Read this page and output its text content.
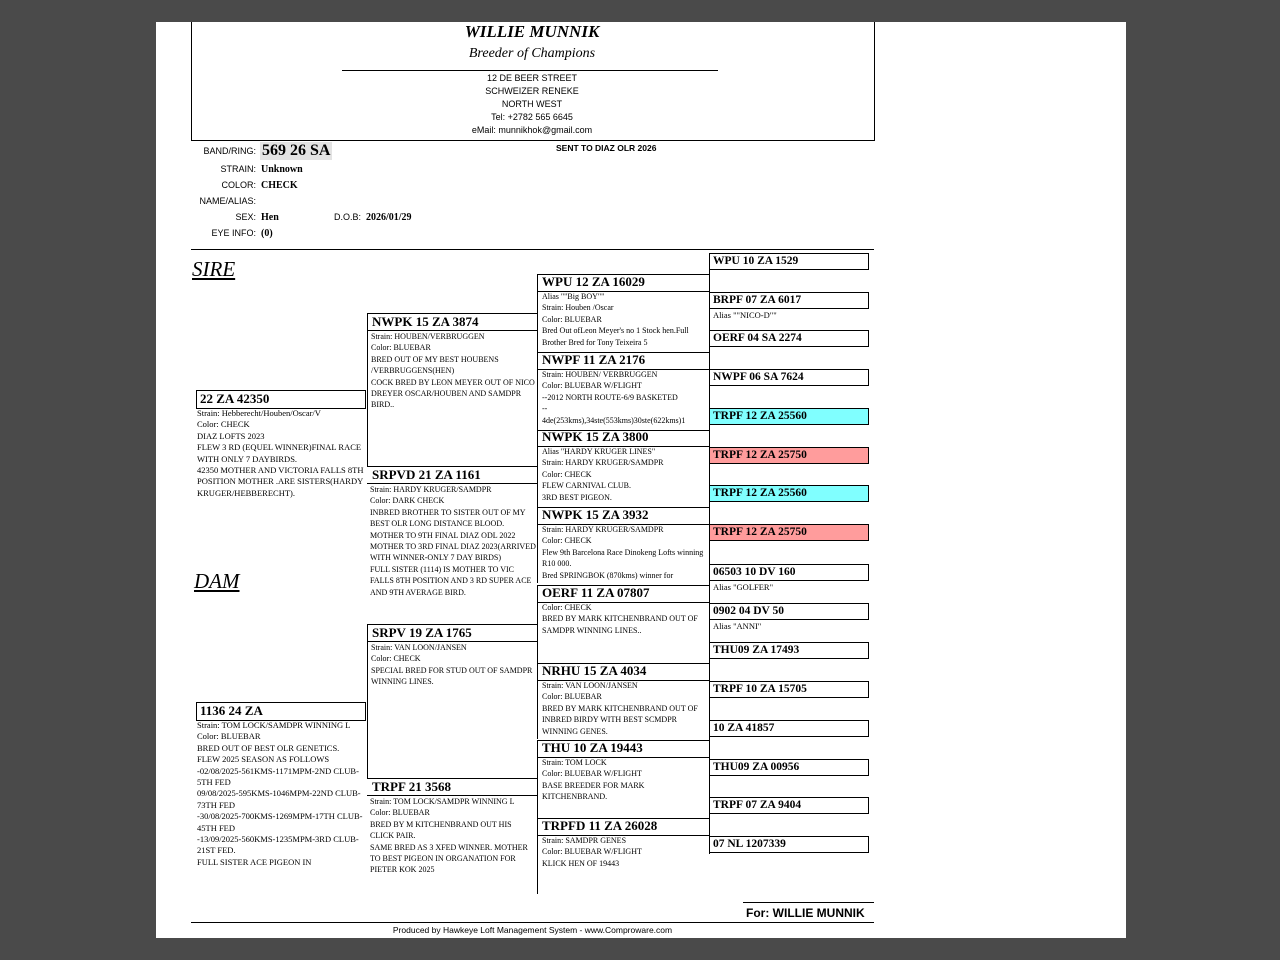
WILLIE MUNNIK
Breeder of Champions
12 DE BEER STREET
SCHWEIZER RENEKE
NORTH WEST
Tel: +2782 565 6645
eMail: munnikhok@gmail.com
BAND/RING: 569 26 SA	SENT TO DIAZ OLR 2026
STRAIN: Unknown
COLOR: CHECK
NAME/ALIAS:
SEX: Hen	D.O.B: 2026/01/29
EYE INFO: (0)
SIRE
DAM
22 ZA 42350
Strain: Hebberecht/Houben/Oscar/V
Color: CHECK
DIAZ LOFTS 2023
FLEW 3 RD (EQUEL WINNER)FINAL RACE WITH ONLY 7 DAYBIRDS.
42350 MOTHER AND VICTORIA FALLS 8TH POSITION MOTHER .ARE SISTERS(HARDY KRUGER/HEBBERECHT).
1136 24 ZA
Strain: TOM LOCK/SAMDPR WINNING L
Color: BLUEBAR
BRED OUT OF BEST OLR GENETICS.
FLEW 2025 SEASON AS FOLLOWS
-02/08/2025-561KMS-1171MPM-2ND CLUB-5TH FED
09/08/2025-595KMS-1046MPM-22ND CLUB-73TH FED
-30/08/2025-700KMS-1269MPM-17TH CLUB-45TH FED
-13/09/2025-560KMS-1235MPM-3RD CLUB-21ST FED.
FULL SISTER ACE PIGEON IN
NWPK 15 ZA 3874
Strain: HOUBEN/VERBRUGGEN
Color: BLUEBAR
BRED OUT OF MY BEST HOUBENS /VERBRUGGENS(HEN)
COCK BRED BY LEON MEYER OUT OF NICO DREYER OSCAR/HOUBEN AND SAMDPR BIRD..
SRPVD 21 ZA 1161
Strain: HARDY KRUGER/SAMDPR
Color: DARK CHECK
INBRED BROTHER TO SISTER OUT OF MY BEST OLR LONG DISTANCE BLOOD.
MOTHER TO 9TH FINAL DIAZ ODL 2022
MOTHER TO 3RD FINAL DIAZ 2023(ARRIVED WITH WINNER-ONLY 7 DAY BIRDS)
FULL SISTER (1114) IS MOTHER TO VIC FALLS 8TH POSITION AND 3 RD SUPER ACE AND 9TH AVERAGE BIRD.
SRPV 19 ZA 1765
Strain: VAN LOON/JANSEN
Color: CHECK
SPECIAL BRED FOR STUD OUT OF SAMDPR WINNING LINES.
TRPF 21 3568
Strain: TOM LOCK/SAMDPR WINNING L
Color: BLUEBAR
BRED BY M KITCHENBRAND OUT HIS CLICK PAIR.
SAME BRED AS 3 XFED WINNER. MOTHER TO BEST PIGEON IN ORGANATION FOR PIETER KOK 2025
WPU 12 ZA 16029
Alias ""Big BOY""
Strain: Houben /Oscar
Color: BLUEBAR
Bred Out ofLeon Meyer's no 1 Stock hen.Full Brother Bred for Tony Teixeira 5
NWPF 11 ZA 2176
Strain: HOUBEN/ VERBRUGGEN
Color: BLUEBAR W/FLIGHT
--2012 NORTH ROUTE-6/9 BASKETED
--
4de(253kms),34ste(553kms)30ste(622kms)1
NWPK 15 ZA 3800
Alias "HARDY KRUGER LINES"
Strain: HARDY KRUGER/SAMDPR
Color: CHECK
FLEW CARNIVAL CLUB.
3RD BEST PIGEON.
NWPK 15 ZA 3932
Strain: HARDY KRUGER/SAMDPR
Color: CHECK
Flew 9th Barcelona Race Dinokeng Lofts winning R10 000.
Bred SPRINGBOK (870kms) winner for
OERF 11 ZA 07807
Color: CHECK
BRED BY MARK KITCHENBRAND OUT OF SAMDPR WINNING LINES..
NRHU 15 ZA 4034
Strain: VAN LOON/JANSEN
Color: BLUEBAR
BRED BY MARK KITCHENBRAND OUT OF INBRED BIRDY WITH BEST SCMDPR WINNING GENES.
THU 10 ZA 19443
Strain: TOM LOCK
Color: BLUEBAR W/FLIGHT
BASE BREEDER FOR MARK KITCHENBRAND.
TRPFD 11 ZA 26028
Strain: SAMDPR GENES
Color: BLUEBAR W/FLIGHT
KLICK HEN OF 19443
WPU 10 ZA 1529
BRPF 07 ZA 6017
Alias ""NICO-D""
OERF 04 SA 2274
NWPF 06 SA 7624
TRPF 12 ZA 25560
TRPF 12 ZA 25750
TRPF 12 ZA 25560
TRPF 12 ZA 25750
06503 10 DV 160
Alias "GOLFER"
0902 04 DV 50
Alias "ANNI"
THU09 ZA 17493
TRPF 10 ZA 15705
10 ZA 41857
THU09 ZA 00956
TRPF 07 ZA 9404
07 NL 1207339
For: WILLIE MUNNIK
Produced by Hawkeye Loft Management System - www.Comproware.com
